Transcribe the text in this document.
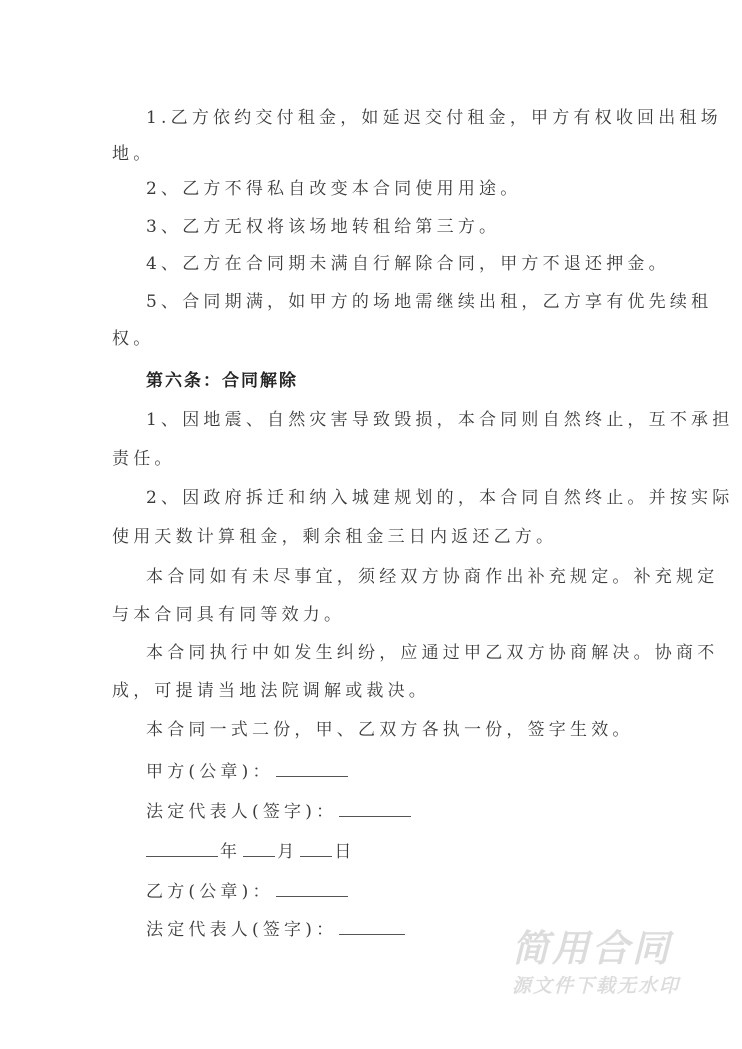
1.乙方依约交付租金，如延迟交付租金，甲方有权收回出租场
地。
2、乙方不得私自改变本合同使用用途。
3、乙方无权将该场地转租给第三方。
4、乙方在合同期未满自行解除合同，甲方不退还押金。
5、合同期满，如甲方的场地需继续出租，乙方享有优先续租
权。
第六条：合同解除
1、因地震、自然灾害导致毁损，本合同则自然终止，互不承担
责任。
2、因政府拆迁和纳入城建规划的，本合同自然终止。并按实际
使用天数计算租金，剩余租金三日内返还乙方。
本合同如有未尽事宜，须经双方协商作出补充规定。补充规定
与本合同具有同等效力。
本合同执行中如发生纠纷，应通过甲乙双方协商解决。协商不
成，可提请当地法院调解或裁决。
本合同一式二份，甲、乙双方各执一份，签字生效。
甲方(公章)：
法定代表人(签字)：
年 月 日
乙方(公章)：
法定代表人(签字)：	简用合同
源文件下载无水印
